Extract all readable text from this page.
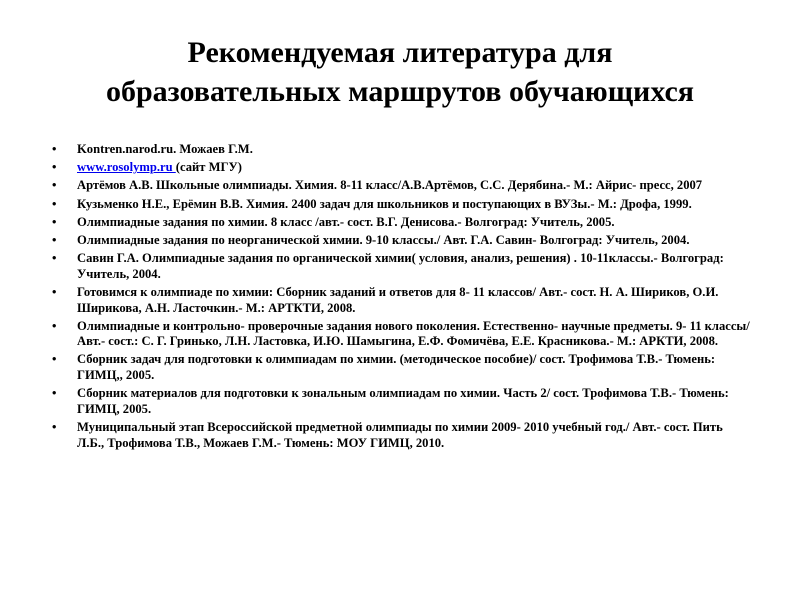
Рекомендуемая литература для
образовательных маршрутов обучающихся
•	Kontren.narod.ru. Можаев Г.М.
•	www.rosolymp.ru (сайт МГУ)
•	Артёмов А.В. Школьные олимпиады. Химия. 8-11 класс/А.В.Артёмов, С.С. Дерябина.- М.: Айрис- пресс, 2007
•	Кузьменко Н.Е., Ерёмин В.В. Химия. 2400 задач для школьников и поступающих в ВУЗы.- М.: Дрофа, 1999.
•	Олимпиадные задания по химии. 8 класс /авт.- сост. В.Г. Денисова.- Волгоград: Учитель, 2005.
•	Олимпиадные задания по неорганической химии. 9-10 классы./ Авт. Г.А. Савин- Волгоград: Учитель, 2004.
•	Савин Г.А. Олимпиадные задания по органической химии( условия, анализ, решения) . 10-11классы.- Волгоград: Учитель, 2004.
•	Готовимся к олимпиаде по химии: Сборник заданий и ответов для 8- 11 классов/ Авт.- сост. Н. А. Шириков, О.И. Ширикова, А.Н. Ласточкин.- М.: АРТКТИ, 2008.
•	Олимпиадные и контрольно- проверочные задания нового поколения. Естественно- научные предметы. 9- 11 классы/ Авт.- сост.: С. Г. Гринько, Л.Н. Ластовка, И.Ю. Шамыгина, Е.Ф. Фомичёва, Е.Е. Красникова.- М.: АРКТИ, 2008.
•	Сборник задач для подготовки к олимпиадам по химии. (методическое пособие)/ сост. Трофимова Т.В.- Тюмень: ГИМЦ,, 2005.
•	Сборник материалов для подготовки к зональным олимпиадам по химии. Часть 2/ сост. Трофимова Т.В.- Тюмень: ГИМЦ, 2005.
•	Муниципальный этап Всероссийской предметной олимпиады по химии 2009- 2010 учебный год./ Авт.- сост. Пить Л.Б., Трофимова Т.В., Можаев Г.М.- Тюмень: МОУ ГИМЦ, 2010.
